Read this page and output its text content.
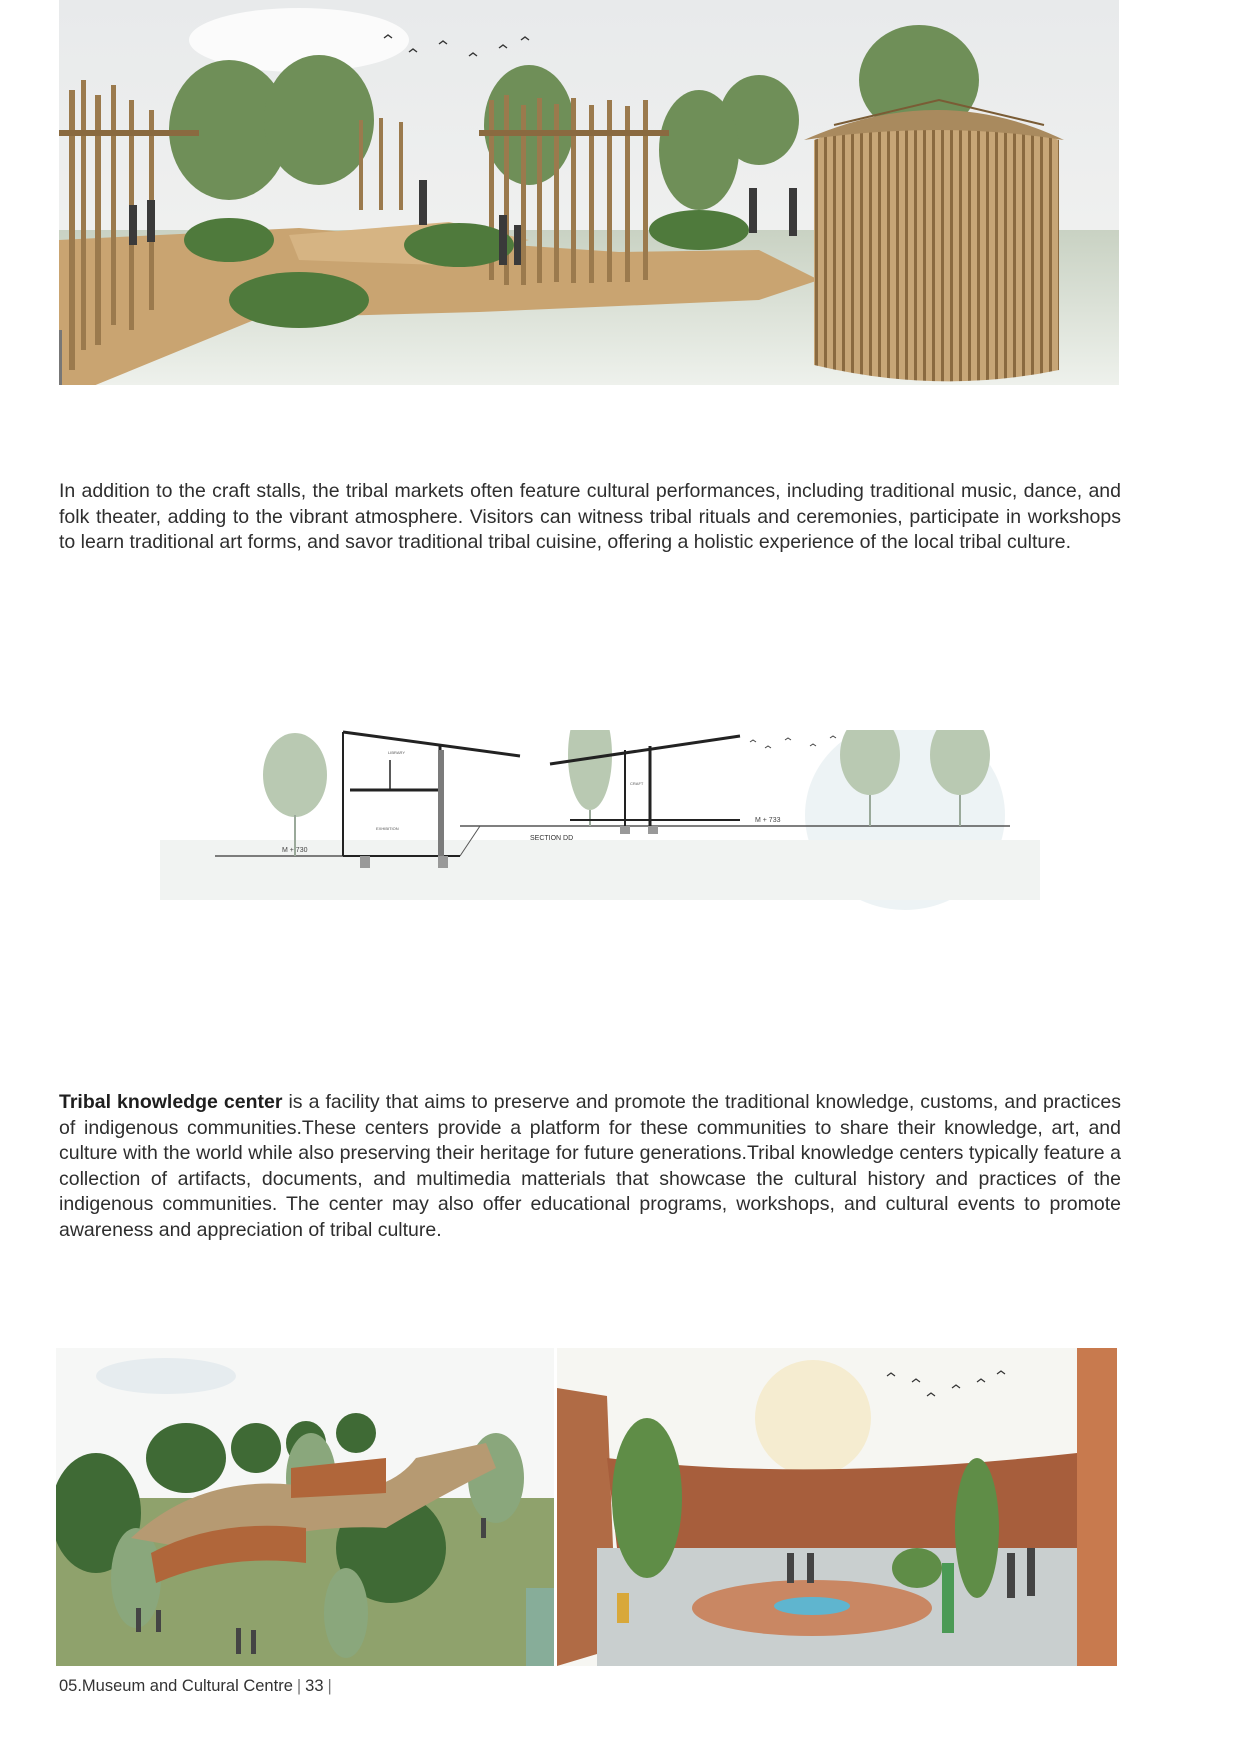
In addition to the craft stalls, the tribal markets often feature cultural performances, including traditional music, dance, and folk theater, adding to the vibrant atmosphere. Visitors can witness tribal rituals and ceremonies, participate in workshops to learn traditional art forms, and savor traditional tribal cuisine, offering a holistic experience of the local tribal culture.

M + 730
M + 733
SECTION DD
LIBRARY
EXHIBITION
CRAFT

Tribal knowledge center is a facility that aims to preserve and promote the traditional knowledge, customs, and practices of indigenous communities.These centers provide a platform for these communities to share their knowledge, art, and culture with the world while also preserving their heritage for future generations.Tribal knowledge centers typically feature a collection of artifacts, documents, and multimedia matterials that showcase the cultural history and practices of the indigenous communities. The center may also offer educational programs, workshops, and cultural events to promote awareness and appreciation of tribal culture.

05.Museum and Cultural Centre | 33 |
